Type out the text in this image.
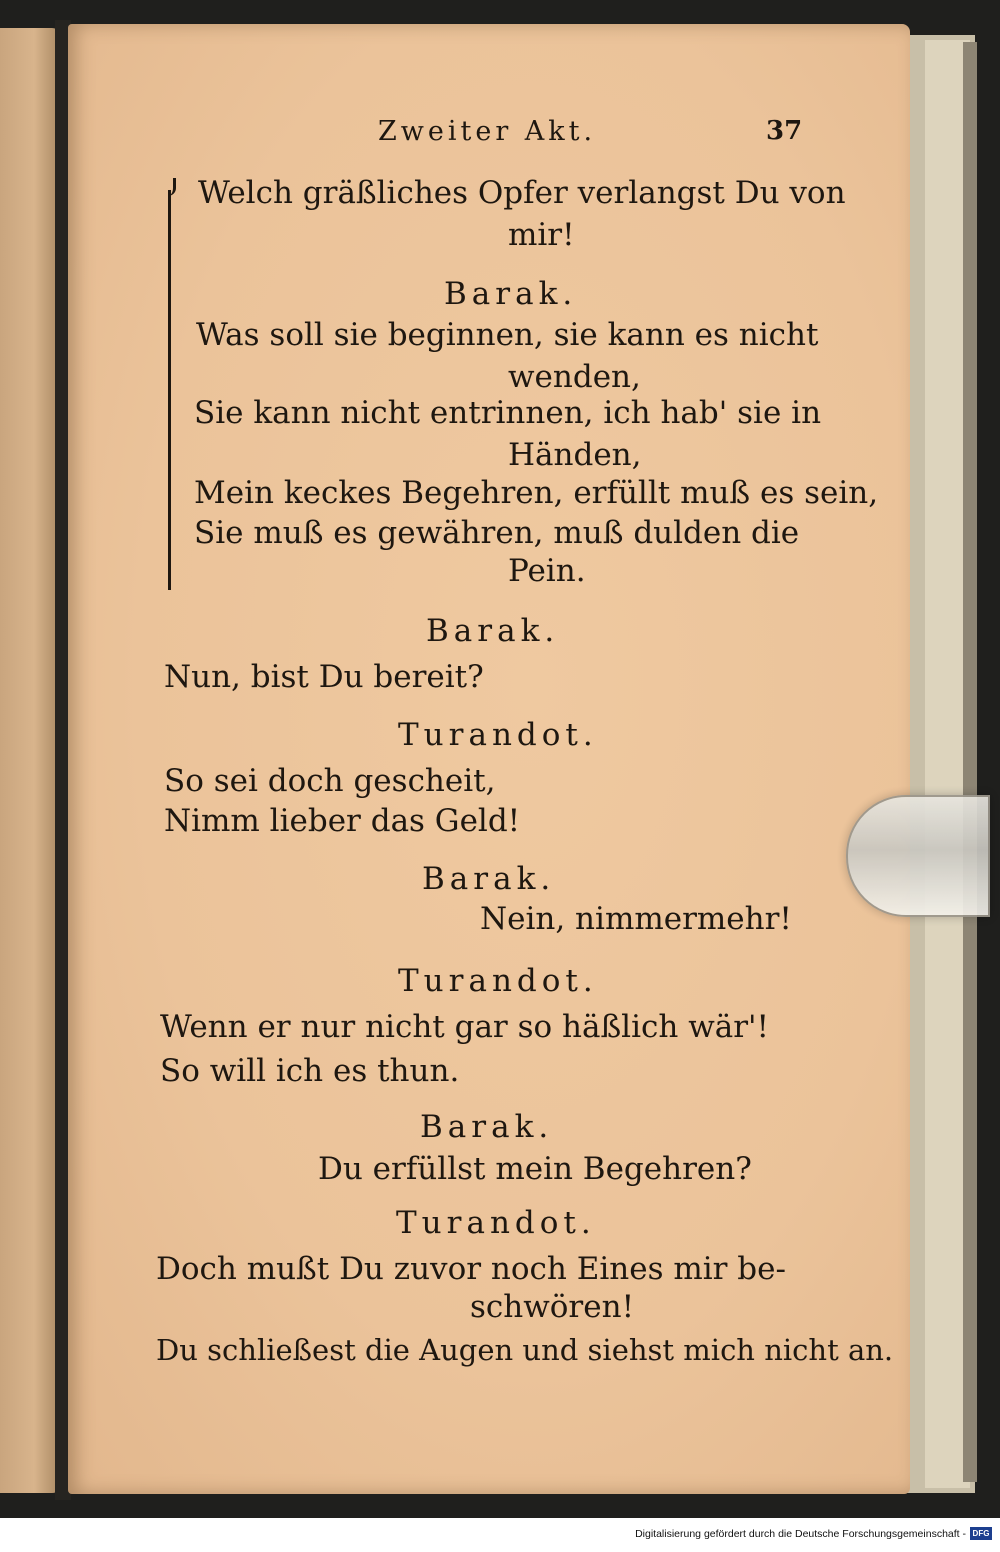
Zweiter Akt.	37
Welch gräßliches Opfer verlangst Du von
mir!
Barak.
Was soll sie beginnen, sie kann es nicht
wenden,
Sie kann nicht entrinnen, ich hab' sie in
Händen,
Mein keckes Begehren, erfüllt muß es sein,
Sie muß es gewähren, muß dulden die
Pein.
Barak.
Nun, bist Du bereit?
Turandot.
So sei doch gescheit,
Nimm lieber das Geld!
Barak.
Nein, nimmermehr!
Turandot.
Wenn er nur nicht gar so häßlich wär'!
So will ich es thun.
Barak.
Du erfüllst mein Begehren?
Turandot.
Doch mußt Du zuvor noch Eines mir be-
schwören!
Du schließest die Augen und siehst mich nicht an.
Digitalisierung gefördert durch die Deutsche Forschungsgemeinschaft - DFG
